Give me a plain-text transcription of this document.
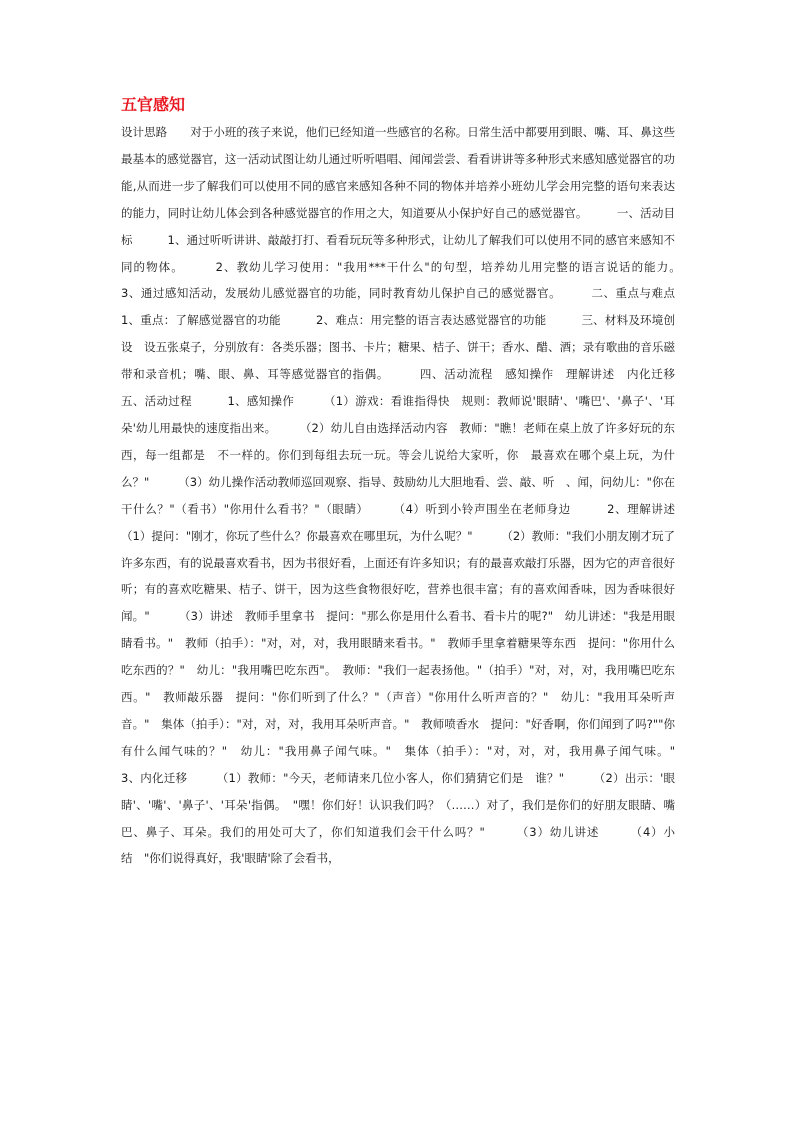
五官感知

设计思路　　对于小班的孩子来说，他们已经知道一些感官的名称。日常生活中都要用到眼、嘴、耳、鼻这些最基本的感觉器官，这一活动试图让幼儿通过听听唱唱、闻闻尝尝、看看讲讲等多种形式来感知感觉器官的功能,从而进一步了解我们可以使用不同的感官来感知各种不同的物体并培养小班幼儿学会用完整的语句来表达的能力，同时让幼儿体会到各种感觉器官的作用之大，知道要从小保护好自己的感觉器官。　　　一、活动目标　　　1、通过听听讲讲、敲敲打打、看看玩玩等多种形式，让幼儿了解我们可以使用不同的感官来感知不同的物体。　　　2、教幼儿学习使用："我用***干什么"的句型，培养幼儿用完整的语言说话的能力。　　　3、通过感知活动，发展幼儿感觉器官的功能，同时教育幼儿保护自己的感觉器官。　　　二、重点与难点　　1、重点：了解感觉器官的功能　　　2、难点：用完整的语言表达感觉器官的功能　　　三、材料及环境创设　设五张桌子，分别放有：各类乐器；图书、卡片；糖果、桔子、饼干；香水、醋、酒；录有歌曲的音乐磁带和录音机；嘴、眼、鼻、耳等感觉器官的指偶。　　　四、活动流程　感知操作　理解讲述　内化迁移　　　五、活动过程　　　1、感知操作　　　（1）游戏：看谁指得快　规则：教师说'眼睛'、'嘴巴'、'鼻子'、'耳朵'幼儿用最快的速度指出来。　　　（2）幼儿自由选择活动内容　教师："瞧！老师在桌上放了许多好玩的东西，每一组都是　不一样的。你们到每组去玩一玩。等会儿说给大家听，你　最喜欢在哪个桌上玩，为什么？"　　　（3）幼儿操作活动教师巡回观察、指导、鼓励幼儿大胆地看、尝、敲、听　、闻，问幼儿："你在干什么？"（看书）"你用什么看书？"（眼睛）　　　（4）听到小铃声围坐在老师身边　　　2、理解讲述　　　（1）提问："刚才，你玩了些什么？你最喜欢在哪里玩，为什么呢？"　　　（2）教师："我们小朋友刚才玩了许多东西，有的说最喜欢看书，因为书很好看，上面还有许多知识；有的最喜欢敲打乐器，因为它的声音很好听；有的喜欢吃糖果、桔子、饼干，因为这些食物很好吃，营养也很丰富；有的喜欢闻香味，因为香味很好闻。"　　　（3）讲述　教师手里拿书　提问："那么你是用什么看书、看卡片的呢?"　幼儿讲述："我是用眼睛看书。"　教师（拍手）："对，对，对，我用眼睛来看书。"　教师手里拿着糖果等东西　提问："你用什么吃东西的？"　幼儿："我用嘴巴吃东西"。　教师："我们一起表扬他。"（拍手）"对，对，对，我用嘴巴吃东西。"　教师敲乐器　提问："你们听到了什么？"（声音）"你用什么听声音的？"　幼儿："我用耳朵听声音。"　集体（拍手）："对，对，对，我用耳朵听声音。"　教师喷香水　提问："好香啊，你们闻到了吗?""你有什么闻气味的？"　幼儿："我用鼻子闻气味。"　集体（拍手）："对，对，对，我用鼻子闻气味。"　　　3、内化迁移　　　（1）教师："今天，老师请来几位小客人，你们猜猜它们是　谁？"　　　（2）出示：'眼睛'、'嘴'、'鼻子'、'耳朵'指偶。　"嘿！你们好！认识我们吗？（……）对了，我们是你们的好朋友眼睛、嘴巴、鼻子、耳朵。我们的用处可大了，你们知道我们会干什么吗？"　　　（3）幼儿讲述　　　（4）小结　"你们说得真好，我'眼睛'除了会看书，
